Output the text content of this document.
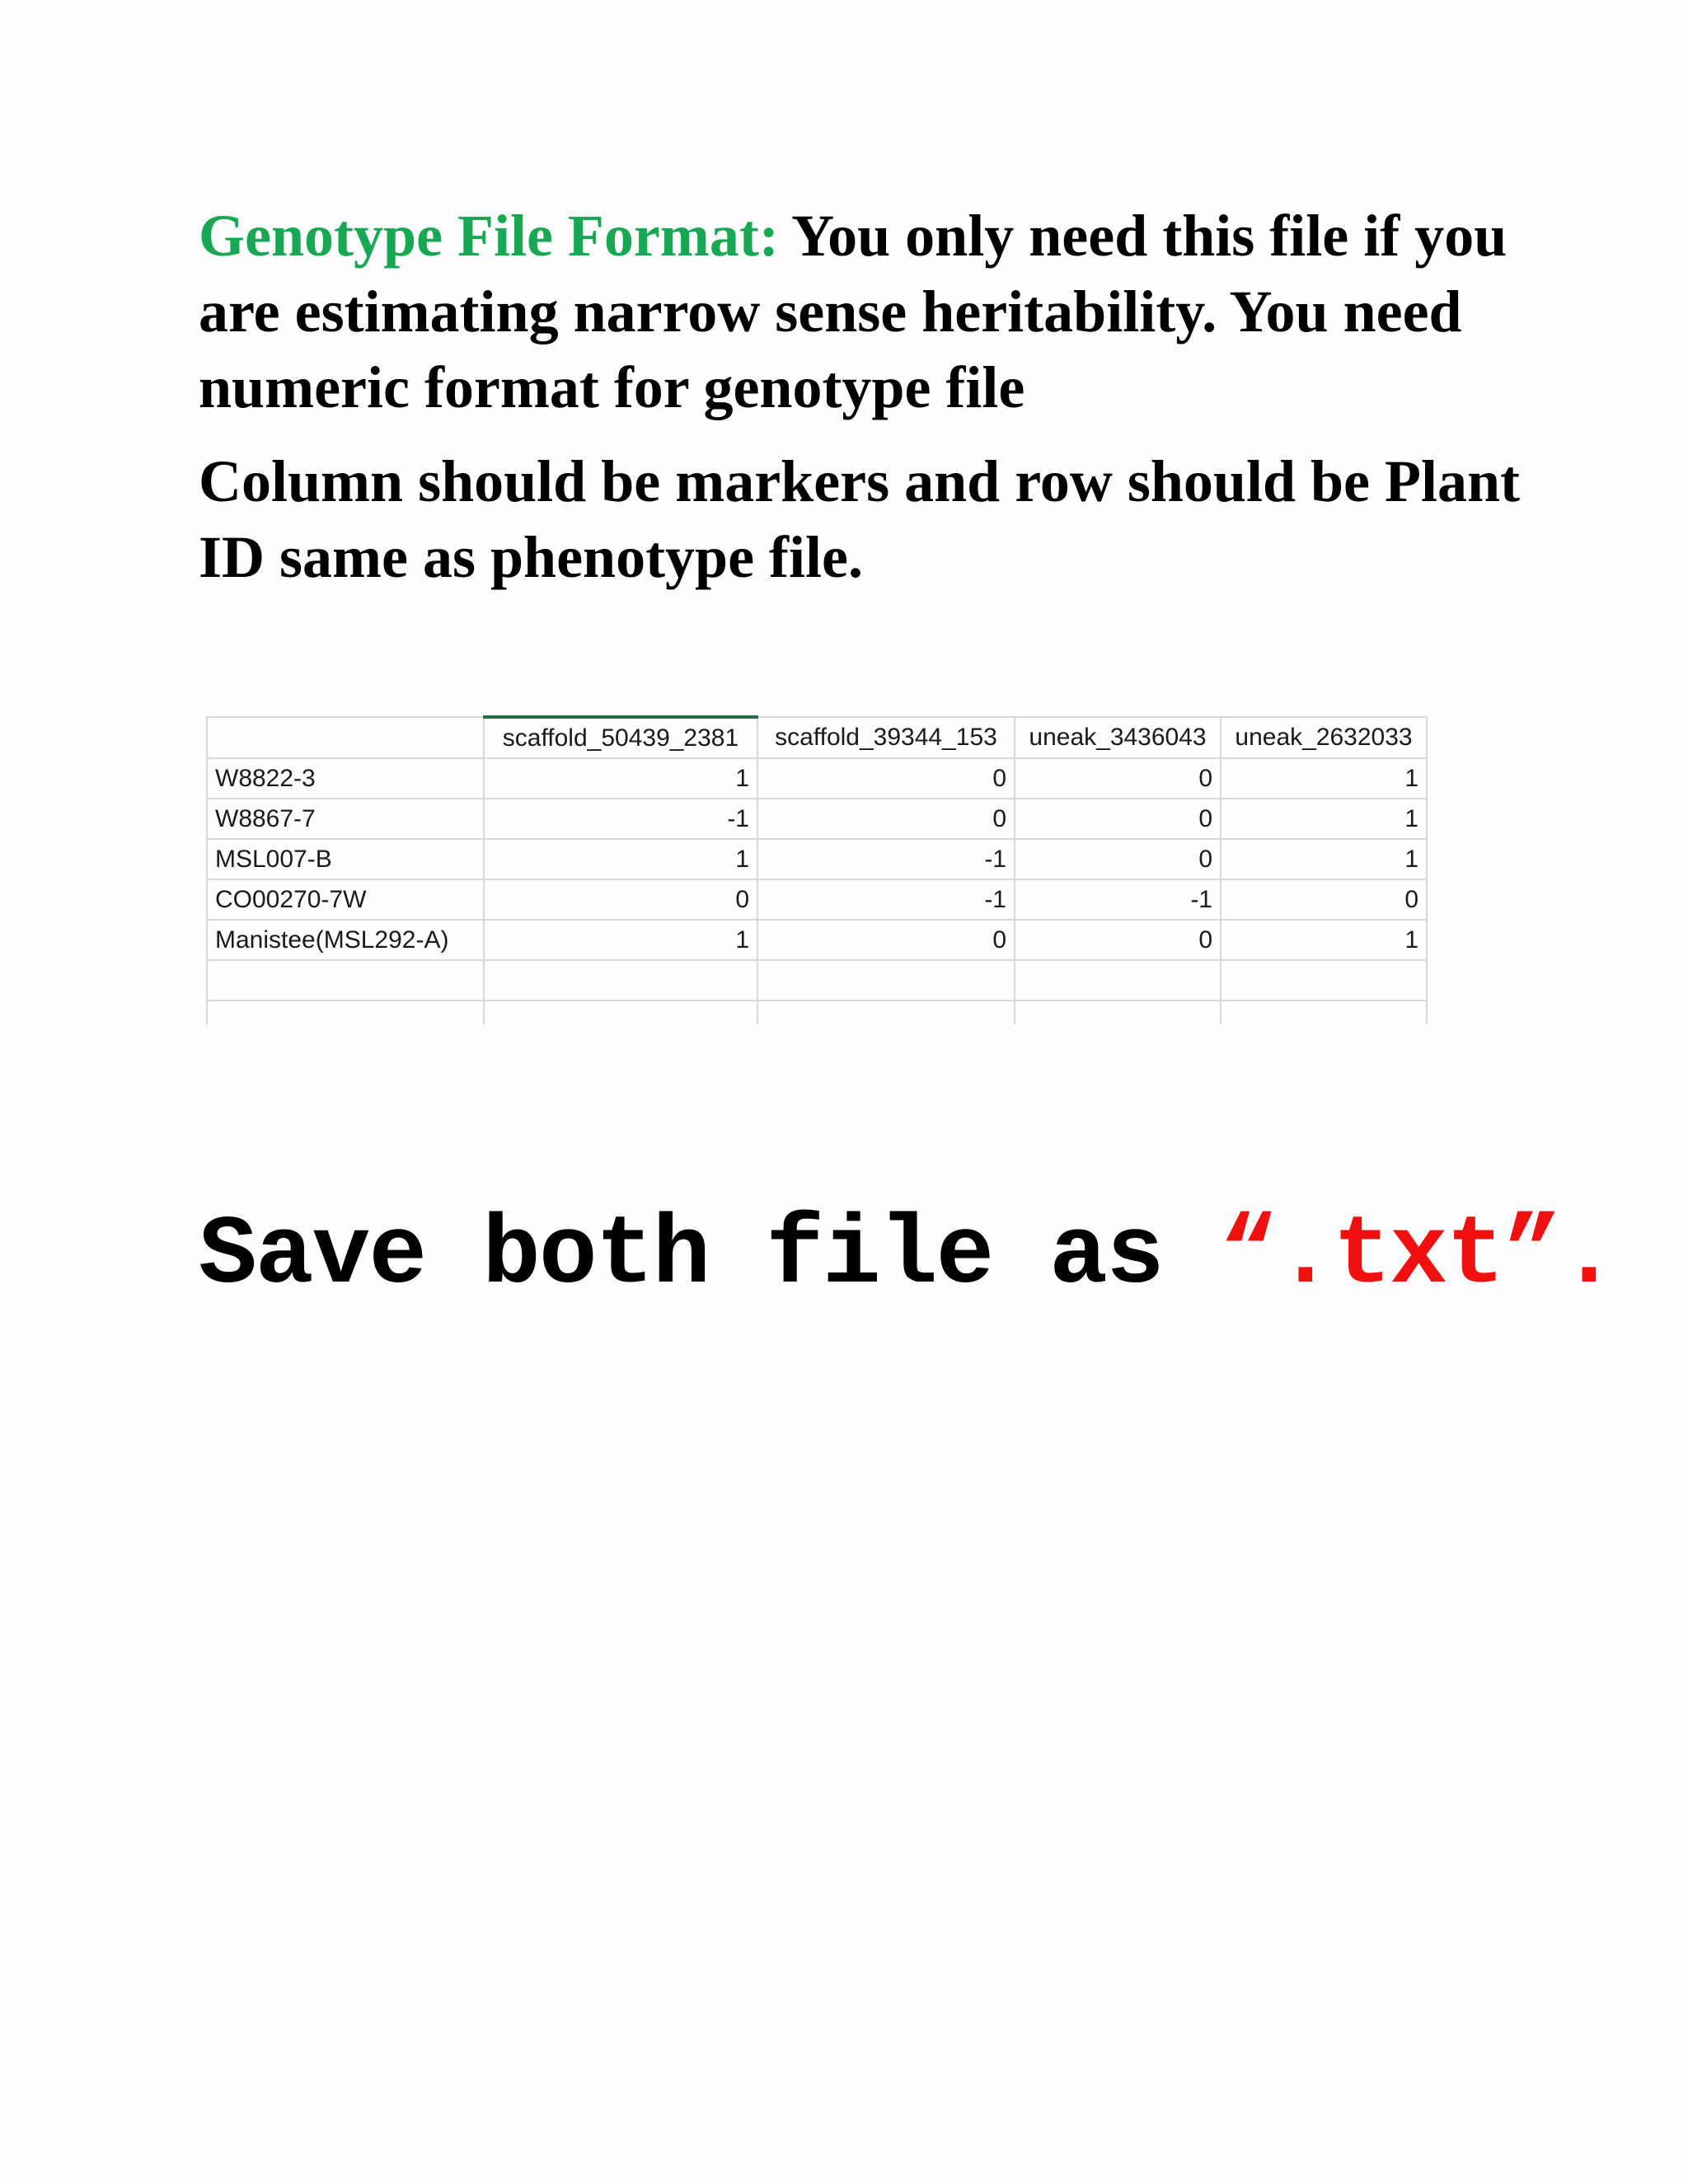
Genotype File Format: You only need this file if you are estimating narrow sense heritability. You need numeric format for genotype file
Column should be markers and row should be Plant ID same as phenotype file.
	scaffold_50439_2381	scaffold_39344_153	uneak_3436043	uneak_2632033
W8822-3	1	0	0	1
W8867-7	-1	0	0	1
MSL007-B	1	-1	0	1
CO00270-7W	0	-1	-1	0
Manistee(MSL292-A)	1	0	0	1

Save both file as “.txt”.
